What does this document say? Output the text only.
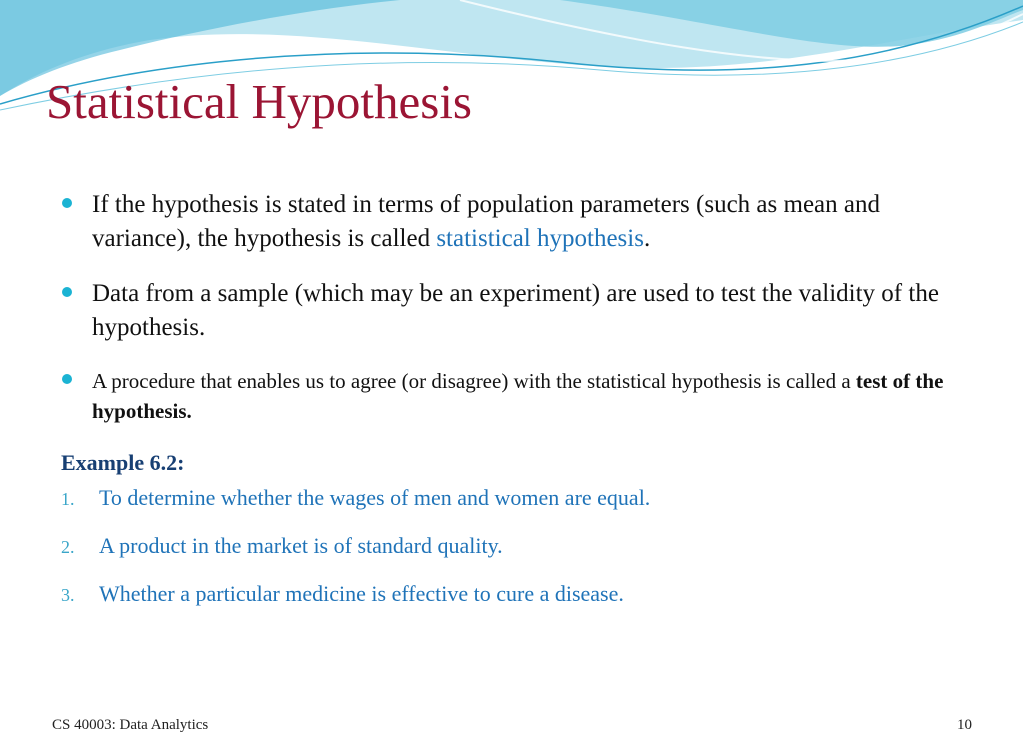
Statistical Hypothesis
If the hypothesis is stated in terms of population parameters (such as mean and variance), the hypothesis is called statistical hypothesis.
Data from a sample (which may be an experiment) are used to test the validity of the hypothesis.
A procedure that enables us to agree (or disagree) with the statistical hypothesis is called a test of the hypothesis.
Example 6.2:
1. To determine whether the wages of men and women are equal.
2. A product in the market is of standard quality.
3. Whether a particular medicine is effective to cure a disease.
CS 40003: Data Analytics	10
